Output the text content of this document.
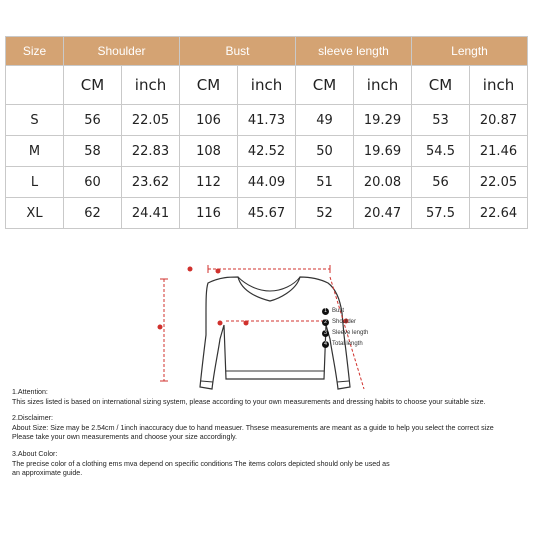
Size	Shoulder		Bust		sleeve length		Length	
	CM	inch	CM	inch	CM	inch	CM	inch
S	56	22.05	106	41.73	49	19.29	53	20.87
M	58	22.83	108	42.52	50	19.69	54.5	21.46
L	60	23.62	112	44.09	51	20.08	56	22.05
XL	62	24.41	116	45.67	52	20.47	57.5	22.64
1 Bust
2 Shoulder
3 Sleeve length
4 Total length

1.Attention:

This sizes listed is based on international sizing system, please according to your own measurements and dressing habits to choose your suitable size.

2.Disclaimer:

About Size: Size may be 2.54cm / 1inch inaccuracy due to hand measuer. Thsese measurements are meant as a guide to help you select the correct size

Please take your own measurements and choose your size accordingly.

3.About Color:

The precise color of a clothing ems mva depend on specific conditions The items colors depicted should only be used as

an approximate guide.
